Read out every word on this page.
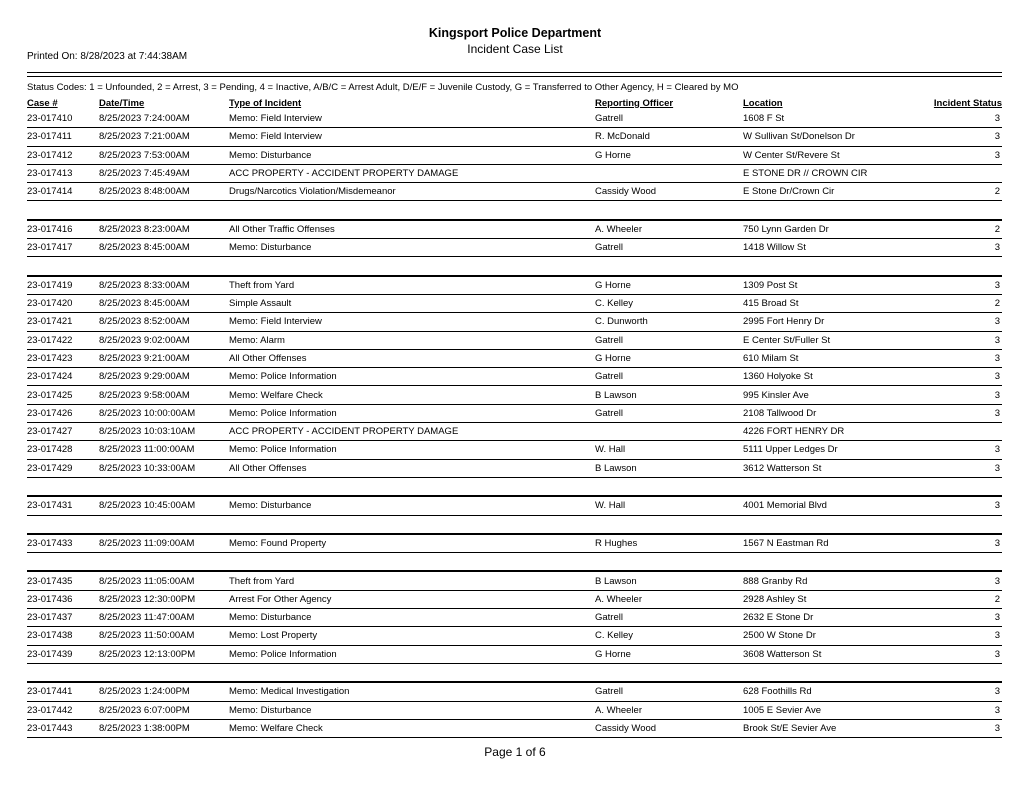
Printed On: 8/28/2023 at 7:44:38AM
Kingsport Police Department
Incident Case List
Status Codes: 1 = Unfounded, 2 = Arrest, 3 = Pending, 4 = Inactive, A/B/C = Arrest Adult, D/E/F = Juvenile Custody, G = Transferred to Other Agency, H = Cleared by MO
Case #	Date/Time	Type of Incident	Reporting Officer	Location	Incident Status
23-017410	8/25/2023 7:24:00AM	Memo: Field Interview	Gatrell	1608 F St	3
23-017411	8/25/2023 7:21:00AM	Memo: Field Interview	R. McDonald	W Sullivan St/Donelson Dr	3
23-017412	8/25/2023 7:53:00AM	Memo: Disturbance	G Horne	W Center St/Revere St	3
23-017413	8/25/2023 7:45:49AM	ACC PROPERTY - ACCIDENT PROPERTY DAMAGE		E STONE DR // CROWN CIR	
23-017414	8/25/2023 8:48:00AM	Drugs/Narcotics Violation/Misdemeanor	Cassidy Wood	E Stone Dr/Crown Cir	2

23-017416	8/25/2023 8:23:00AM	All Other Traffic Offenses	A. Wheeler	750 Lynn Garden Dr	2
23-017417	8/25/2023 8:45:00AM	Memo: Disturbance	Gatrell	1418 Willow St	3

23-017419	8/25/2023 8:33:00AM	Theft from Yard	G Horne	1309 Post St	3
23-017420	8/25/2023 8:45:00AM	Simple Assault	C. Kelley	415 Broad St	2
23-017421	8/25/2023 8:52:00AM	Memo: Field Interview	C. Dunworth	2995 Fort Henry Dr	3
23-017422	8/25/2023 9:02:00AM	Memo: Alarm	Gatrell	E Center St/Fuller St	3
23-017423	8/25/2023 9:21:00AM	All Other Offenses	G Horne	610 Milam St	3
23-017424	8/25/2023 9:29:00AM	Memo: Police Information	Gatrell	1360 Holyoke St	3
23-017425	8/25/2023 9:58:00AM	Memo: Welfare Check	B Lawson	995 Kinsler Ave	3
23-017426	8/25/2023 10:00:00AM	Memo: Police Information	Gatrell	2108 Tallwood Dr	3
23-017427	8/25/2023 10:03:10AM	ACC PROPERTY - ACCIDENT PROPERTY DAMAGE		4226 FORT HENRY DR	
23-017428	8/25/2023 11:00:00AM	Memo: Police Information	W. Hall	5111 Upper Ledges Dr	3
23-017429	8/25/2023 10:33:00AM	All Other Offenses	B Lawson	3612 Watterson St	3

23-017431	8/25/2023 10:45:00AM	Memo: Disturbance	W. Hall	4001 Memorial Blvd	3

23-017433	8/25/2023 11:09:00AM	Memo: Found Property	R Hughes	1567 N Eastman Rd	3

23-017435	8/25/2023 11:05:00AM	Theft from Yard	B Lawson	888 Granby Rd	3
23-017436	8/25/2023 12:30:00PM	Arrest For Other Agency	A. Wheeler	2928 Ashley St	2
23-017437	8/25/2023 11:47:00AM	Memo: Disturbance	Gatrell	2632 E Stone Dr	3
23-017438	8/25/2023 11:50:00AM	Memo: Lost Property	C. Kelley	2500 W Stone Dr	3
23-017439	8/25/2023 12:13:00PM	Memo: Police Information	G Horne	3608 Watterson St	3

23-017441	8/25/2023 1:24:00PM	Memo: Medical Investigation	Gatrell	628 Foothills Rd	3
23-017442	8/25/2023 6:07:00PM	Memo: Disturbance	A. Wheeler	1005 E Sevier Ave	3
23-017443	8/25/2023 1:38:00PM	Memo: Welfare Check	Cassidy Wood	Brook St/E Sevier Ave	3
Page 1 of 6
